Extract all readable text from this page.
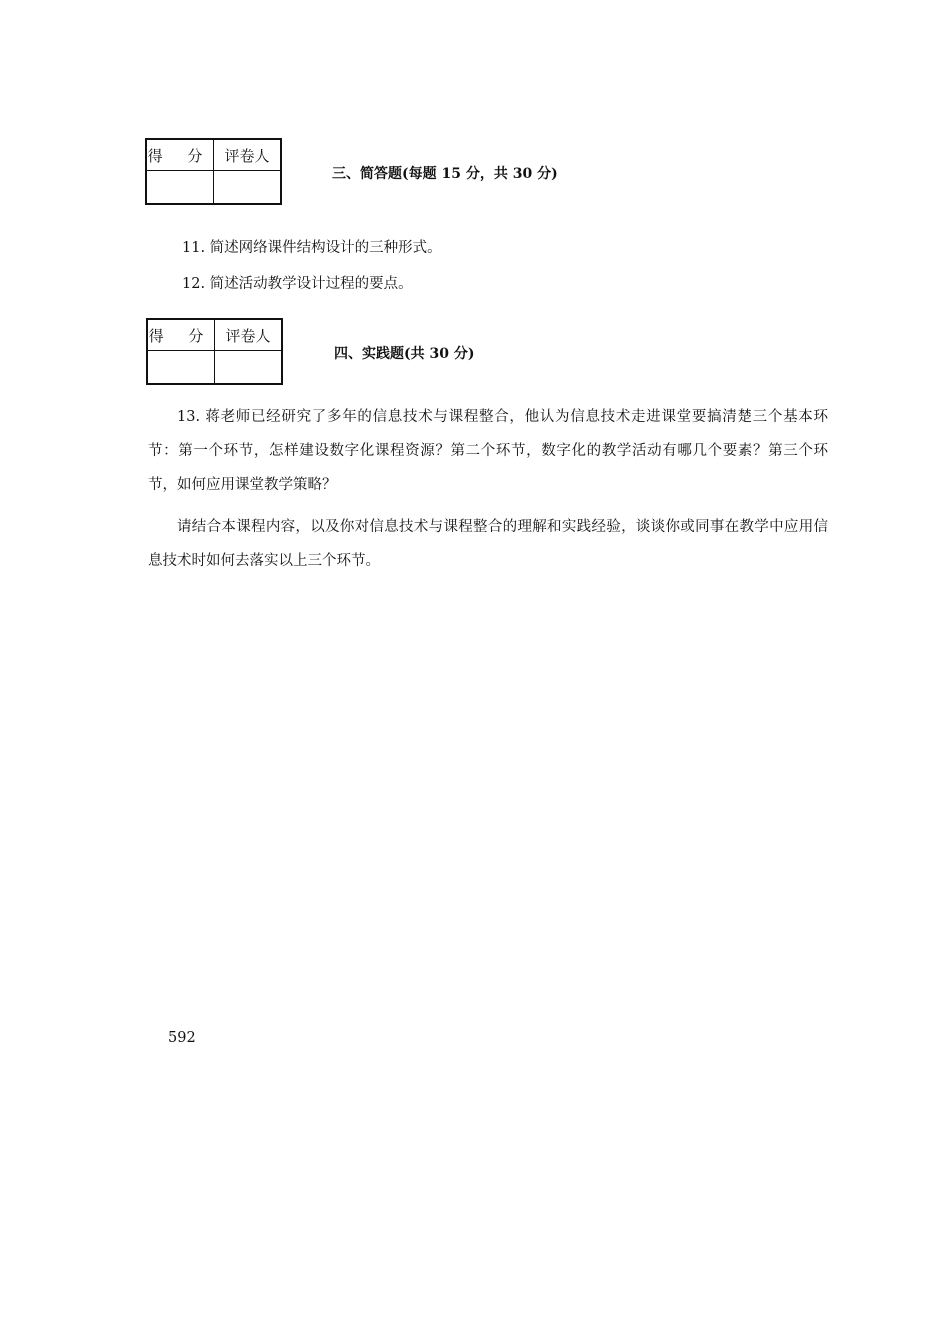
得 分	评卷人

三、简答题(每题 15 分，共 30 分)
11. 简述网络课件结构设计的三种形式。
12. 简述活动教学设计过程的要点。
得 分	评卷人

四、实践题(共 30 分)
13. 蒋老师已经研究了多年的信息技术与课程整合，他认为信息技术走进课堂要搞清楚三个基本环节：第一个环节，怎样建设数字化课程资源？第二个环节，数字化的教学活动有哪几个要素？第三个环节，如何应用课堂教学策略？
请结合本课程内容，以及你对信息技术与课程整合的理解和实践经验，谈谈你或同事在教学中应用信息技术时如何去落实以上三个环节。
592
